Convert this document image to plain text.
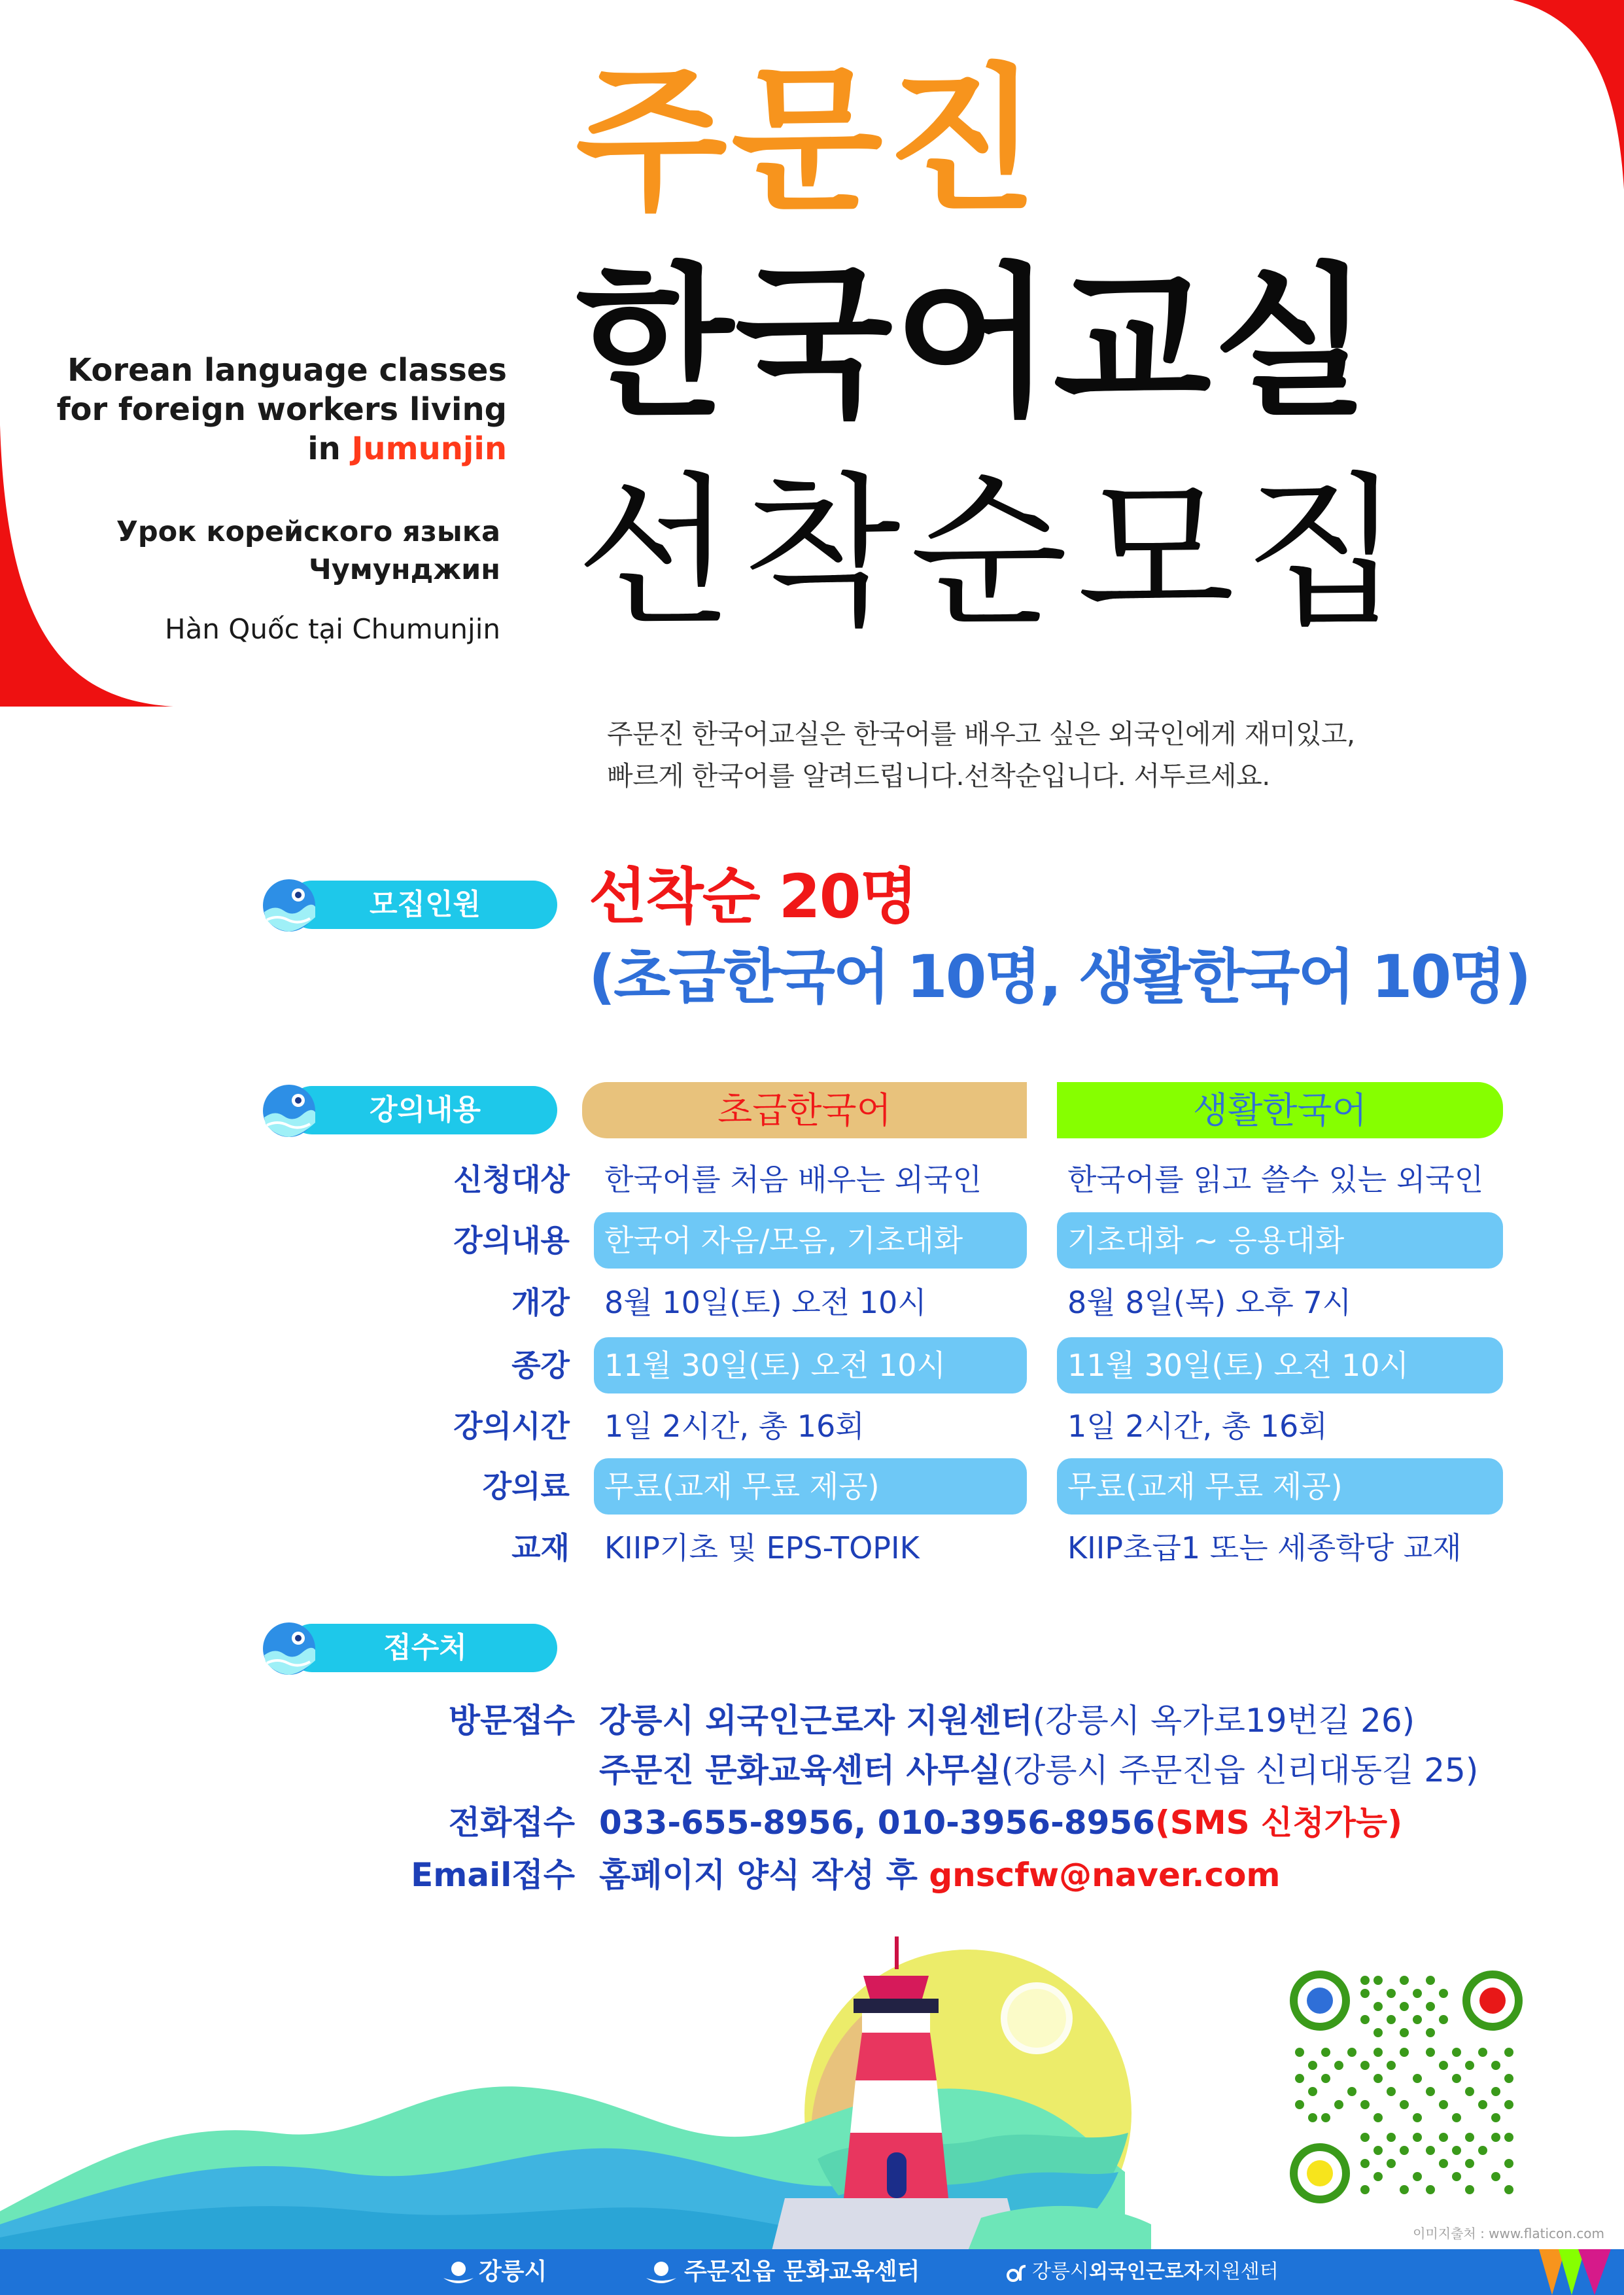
주문진
한국어교실
선착순모집
Korean language classes
for foreign workers living
in Jumunjin
Урок корейского языка
Чумунджин
Hàn Quốc tại Chumunjin
주문진 한국어교실은 한국어를 배우고 싶은 외국인에게 재미있고,
빠르게 한국어를 알려드립니다.선착순입니다. 서두르세요.
모집인원	선착순 20명
(초급한국어 10명, 생활한국어 10명)
강의내용	초급한국어	생활한국어
신청대상	한국어를 처음 배우는 외국인	한국어를 읽고 쓸수 있는 외국인
강의내용	한국어 자음/모음, 기초대화	기초대화 ~ 응용대화
개강	8월 10일(토) 오전 10시	8월 8일(목) 오후 7시
종강	11월 30일(토) 오전 10시	11월 30일(토) 오전 10시
강의시간	1일 2시간, 총 16회	1일 2시간, 총 16회
강의료	무료(교재 무료 제공)	무료(교재 무료 제공)
교재	KIIP기초 및 EPS-TOPIK	KIIP초급1 또는 세종학당 교재
접수처
방문접수 강릉시 외국인근로자 지원센터(강릉시 옥가로19번길 26)
주문진 문화교육센터 사무실(강릉시 주문진읍 신리대동길 25)
전화접수 033-655-8956, 010-3956-8956(SMS 신청가능)
Email접수 홈페이지 양식 작성 후 gnscfw@naver.com
이미지출처 : www.flaticon.com
강릉시	주문진읍 문화교육센터	강릉시외국인근로자지원센터
